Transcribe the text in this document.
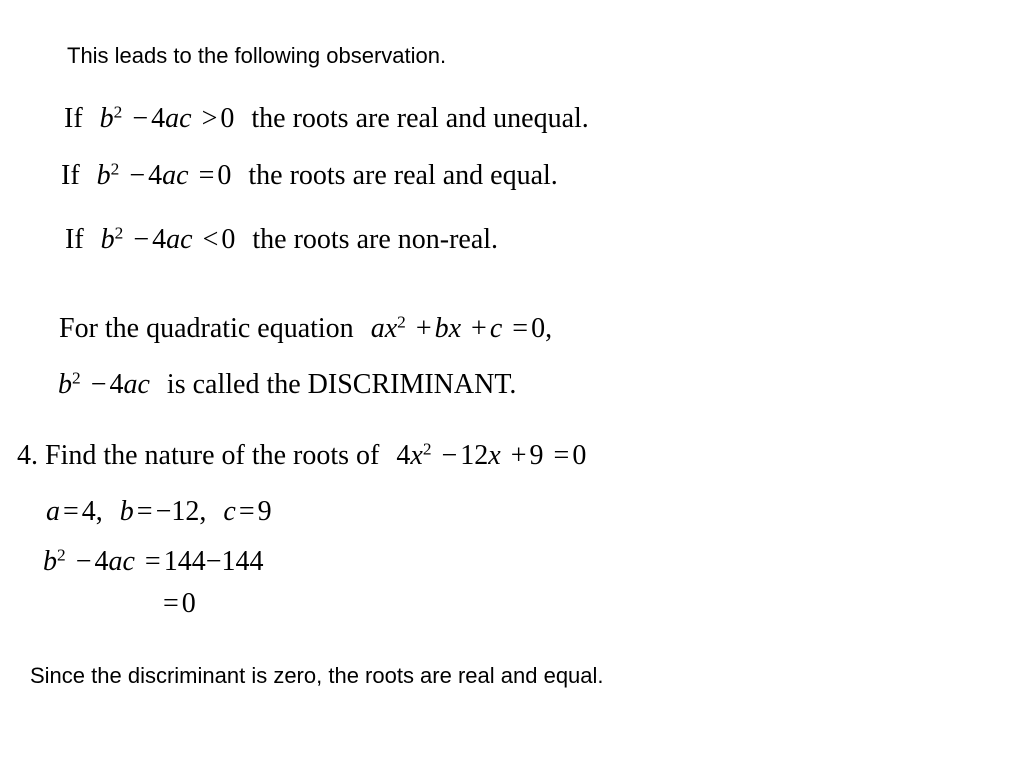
This leads to the following observation.
If $b^2 - 4ac > 0$ the roots are real and unequal.
If $b^2 - 4ac = 0$ the roots are real and equal.
If $b^2 - 4ac < 0$ the roots are non-real.
For the quadratic equation $ax^2$ + bx + c = 0,
$b^2 - 4ac$ is called the DISCRIMINANT.
4. Find the nature of the roots of $4x^2 - 12x + 9 = 0$
a = 4, b = −12, c = 9
$b^2 - 4ac = 144-144$
= 0
Since the discriminant is zero, the roots are real and equal.
